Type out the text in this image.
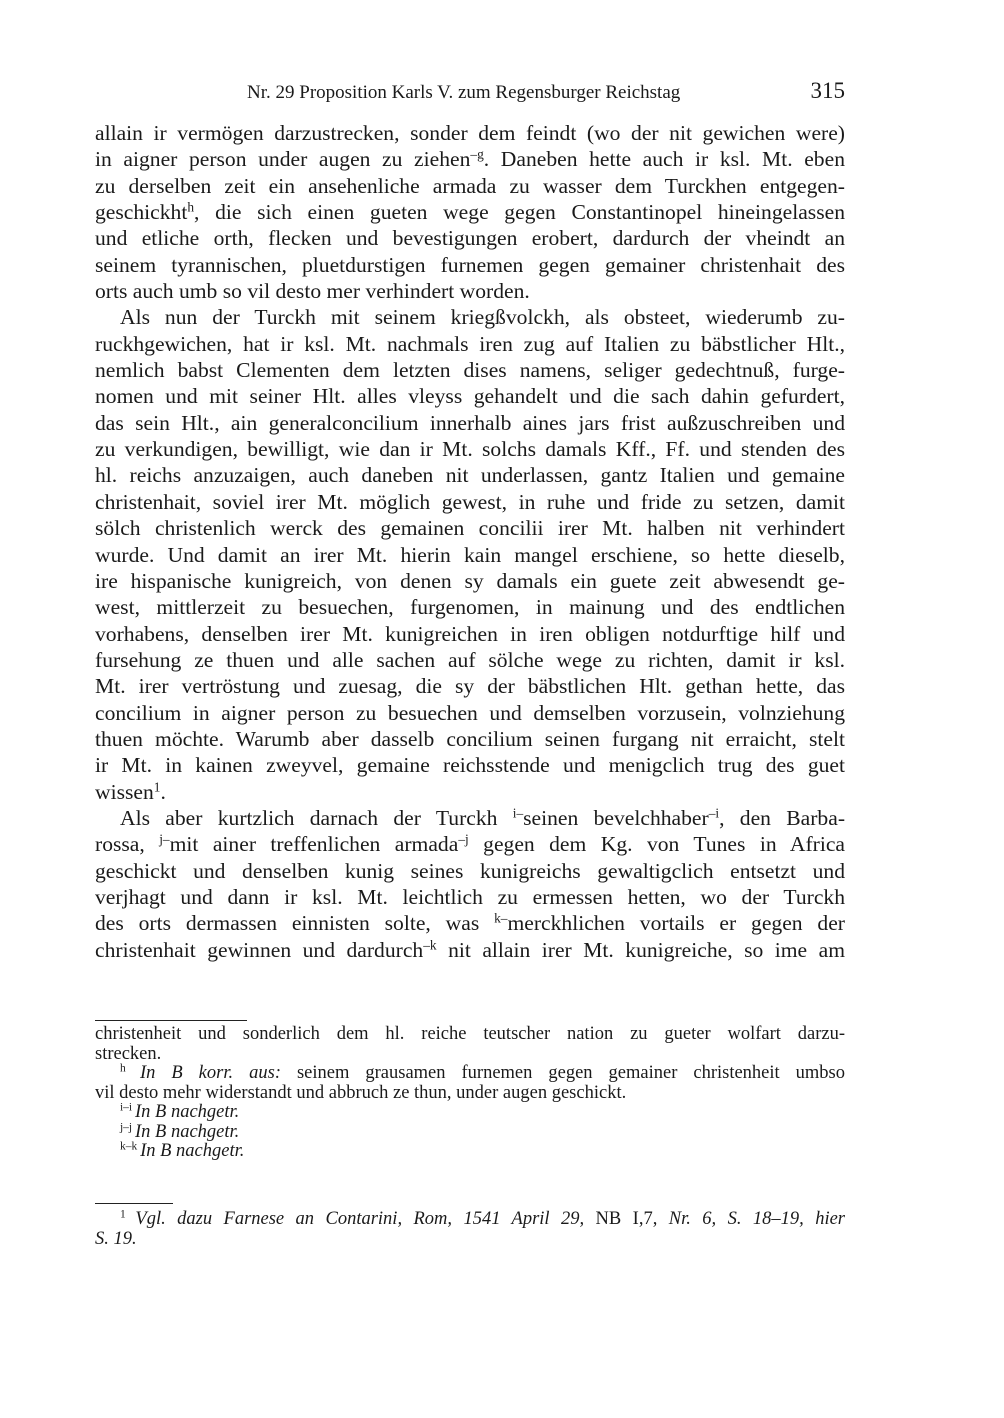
Nr. 29 Proposition Karls V. zum Regensburger Reichstag	315
allain ir vermögen darzustrecken, sonder dem feindt (wo der nit gewichen were)
in aigner person under augen zu ziehen$^{-g}$. Daneben hette auch ir ksl. Mt. eben
zu derselben zeit ein ansehenliche armada zu wasser dem Turckhen entgegen-
geschickht$^h$, die sich einen gueten wege gegen Constantinopel hineingelassen
und etliche orth, flecken und bevestigungen erobert, dardurch der vheindt an
seinem tyrannischen, pluetdurstigen furnemen gegen gemainer christenhait des
orts auch umb so vil desto mer verhindert worden.
Als nun der Turckh mit seinem kriegßvolckh, als obsteet, wiederumb zu-
ruckhgewichen, hat ir ksl. Mt. nachmals iren zug auf Italien zu bäbstlicher Hlt.,
nemlich babst Clementen dem letzten dises namens, seliger gedechtnuß, furge-
nomen und mit seiner Hlt. alles vleyss gehandelt und die sach dahin gefurdert,
das sein Hlt., ain generalconcilium innerhalb aines jars frist außzuschreiben und
zu verkundigen, bewilligt, wie dan ir Mt. solchs damals Kff., Ff. und stenden des
hl. reichs anzuzaigen, auch daneben nit underlassen, gantz Italien und gemaine
christenhait, soviel irer Mt. möglich gewest, in ruhe und fride zu setzen, damit
sölch christenlich werck des gemainen concilii irer Mt. halben nit verhindert
wurde. Und damit an irer Mt. hierin kain mangel erschiene, so hette dieselb,
ire hispanische kunigreich, von denen sy damals ein guete zeit abwesendt ge-
west, mittlerzeit zu besuechen, furgenomen, in mainung und des endtlichen
vorhabens, denselben irer Mt. kunigreichen in iren obligen notdurftige hilf und
fursehung ze thuen und alle sachen auf sölche wege zu richten, damit ir ksl.
Mt. irer vertröstung und zuesag, die sy der bäbstlichen Hlt. gethan hette, das
concilium in aigner person zu besuechen und demselben vorzusein, volnziehung
thuen möchte. Warumb aber dasselb concilium seinen furgang nit erraicht, stelt
ir Mt. in kainen zweyvel, gemaine reichsstende und menigclich trug des guet
wissen$^1$.
Als aber kurtzlich darnach der Turckh $^{i-}$seinen bevelchhaber$^{-i}$, den Barba-
rossa, $^{j-}$mit ainer treffenlichen armada$^{-j}$ gegen dem Kg. von Tunes in Africa
geschickt und denselben kunig seines kunigreichs gewaltigclich entsetzt und
verjhagt und dann ir ksl. Mt. leichtlich zu ermessen hetten, wo der Turckh
des orts dermassen einnisten solte, was $^{k-}$merckhlichen vortails er gegen der
christenhait gewinnen und dardurch$^{-k}$ nit allain irer Mt. kunigreiche, so ime am
christenheit und sonderlich dem hl. reiche teutscher nation zu gueter wolfart darzu-
strecken.
$^h$ In B korr. aus: seinem grausamen furnemen gegen gemainer christenheit umbso
vil desto mehr widerstandt und abbruch ze thun, under augen geschickt.
$^{i-i}$ In B nachgetr.
$^{j-j}$ In B nachgetr.
$^{k-k}$ In B nachgetr.
$^1$ Vgl. dazu Farnese an Contarini, Rom, 1541 April 29, NB I,7, Nr. 6, S. 18–19, hier
S. 19.
